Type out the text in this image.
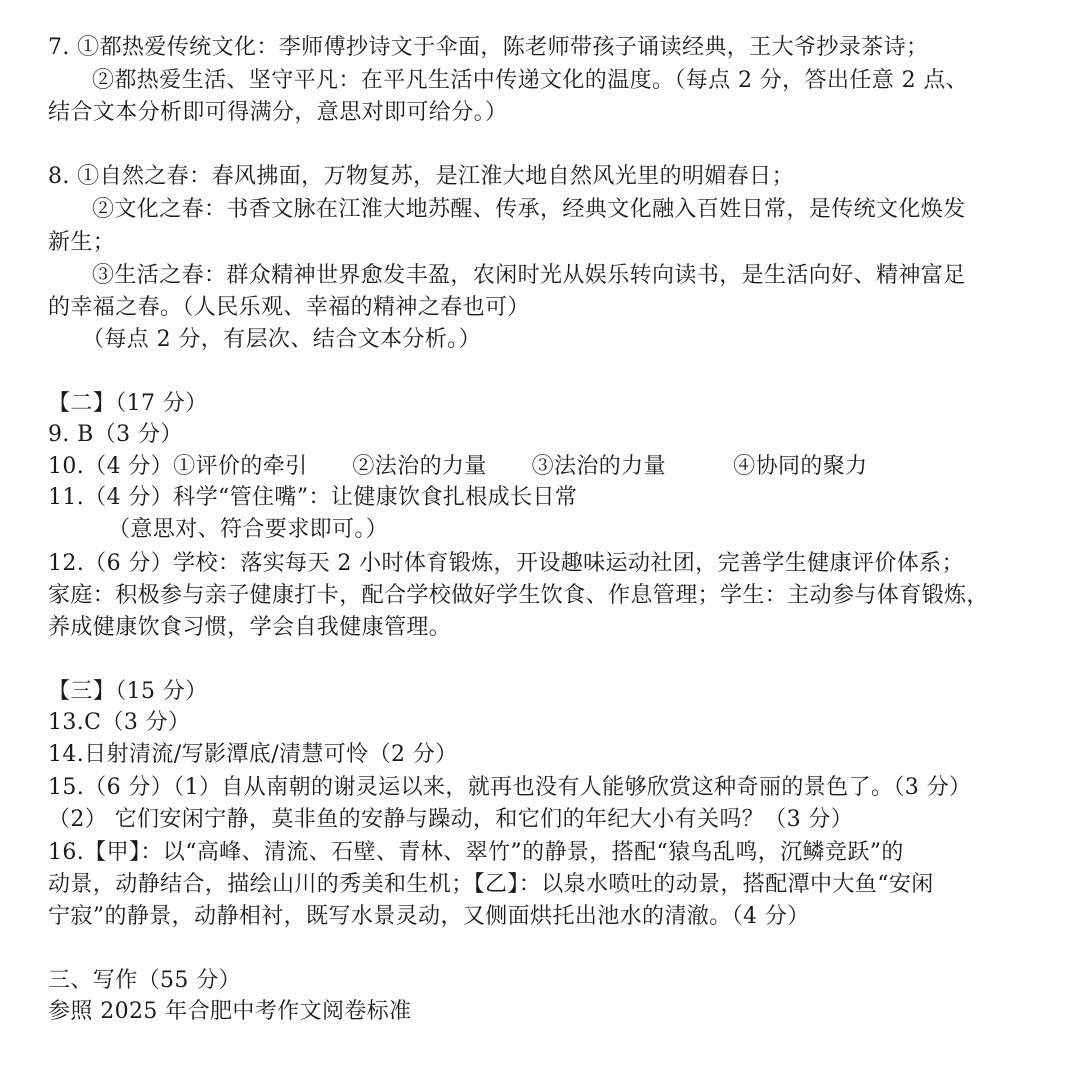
7. ①都热爱传统文化：李师傅抄诗文于伞面，陈老师带孩子诵读经典，王大爷抄录茶诗；
②都热爱生活、坚守平凡：在平凡生活中传递文化的温度。（每点 2 分，答出任意 2 点、
结合文本分析即可得满分，意思对即可给分。）
8. ①自然之春：春风拂面，万物复苏，是江淮大地自然风光里的明媚春日；
②文化之春：书香文脉在江淮大地苏醒、传承，经典文化融入百姓日常，是传统文化焕发
新生；
③生活之春：群众精神世界愈发丰盈，农闲时光从娱乐转向读书，是生活向好、精神富足
的幸福之春。（人民乐观、幸福的精神之春也可）
（每点 2 分，有层次、结合文本分析。）
【二】（17 分）
9. B（3 分）
10.（4 分）①评价的牵引　　②法治的力量　　③法治的力量　　　④协同的聚力
11.（4 分）科学“管住嘴”：让健康饮食扎根成长日常
（意思对、符合要求即可。）
12.（6 分）学校：落实每天 2 小时体育锻炼，开设趣味运动社团，完善学生健康评价体系；
家庭：积极参与亲子健康打卡，配合学校做好学生饮食、作息管理；学生：主动参与体育锻炼，
养成健康饮食习惯，学会自我健康管理。
【三】（15 分）
13.C（3 分）
14.日射清流/写影潭底/清慧可怜（2 分）
15.（6 分）（1）自从南朝的谢灵运以来，就再也没有人能够欣赏这种奇丽的景色了。（3 分）
（2） 它们安闲宁静，莫非鱼的安静与躁动，和它们的年纪大小有关吗？（3 分）
16.【甲】：以“高峰、清流、石壁、青林、翠竹”的静景，搭配“猿鸟乱鸣，沉鳞竞跃”的
动景，动静结合，描绘山川的秀美和生机；【乙】：以泉水喷吐的动景，搭配潭中大鱼“安闲
宁寂”的静景，动静相衬，既写水景灵动，又侧面烘托出池水的清澈。（4 分）
三、写作（55 分）
参照 2025 年合肥中考作文阅卷标准
